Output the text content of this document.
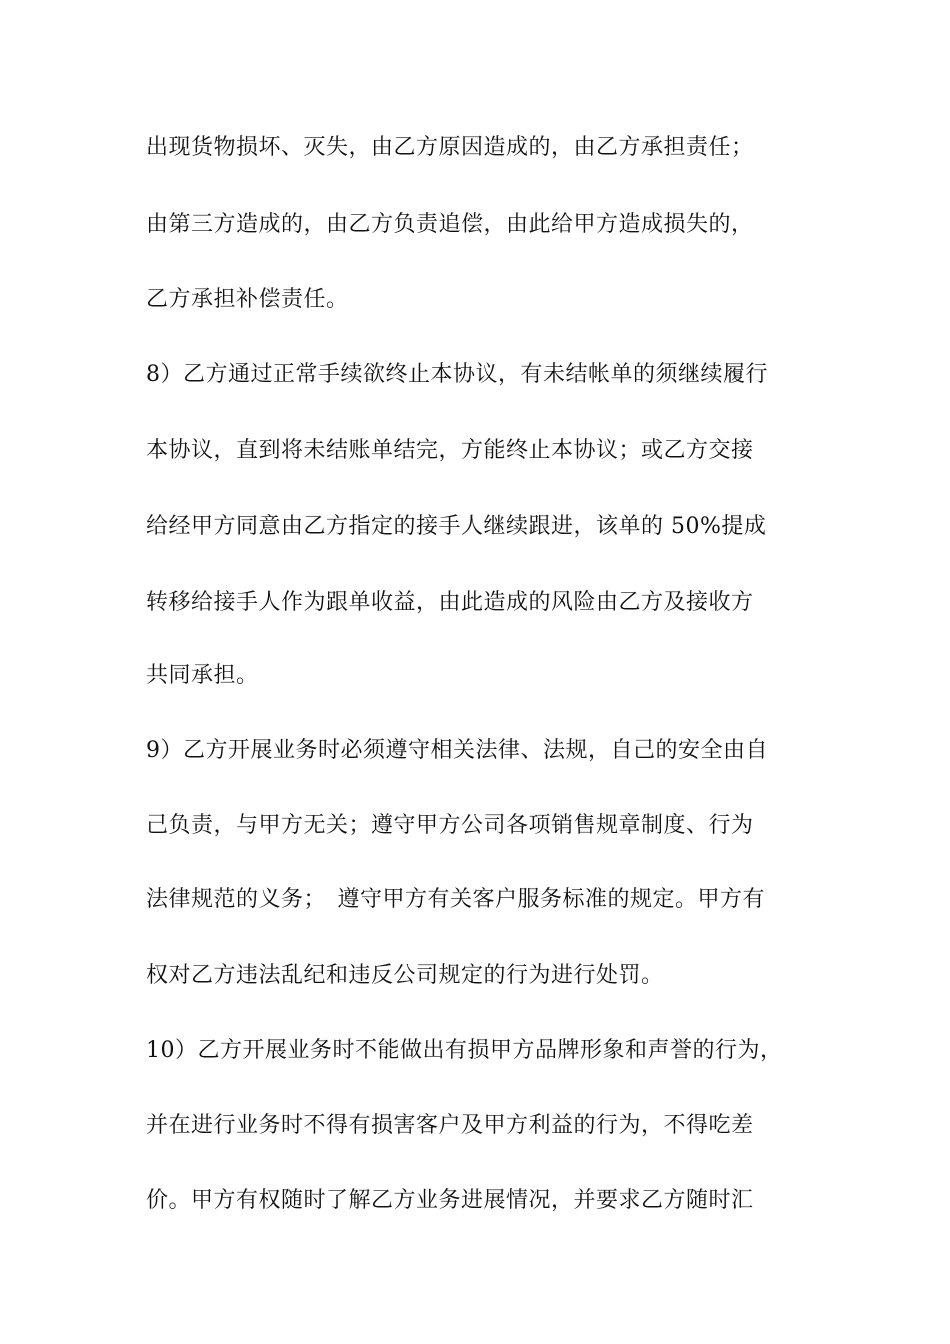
出现货物损坏、灭失，由乙方原因造成的，由乙方承担责任；
由第三方造成的，由乙方负责追偿，由此给甲方造成损失的，
乙方承担补偿责任。
8）乙方通过正常手续欲终止本协议，有未结帐单的须继续履行
本协议，直到将未结账单结完，方能终止本协议；或乙方交接
给经甲方同意由乙方指定的接手人继续跟进，该单的 50%提成
转移给接手人作为跟单收益，由此造成的风险由乙方及接收方
共同承担。
9）乙方开展业务时必须遵守相关法律、法规，自己的安全由自
己负责，与甲方无关；遵守甲方公司各项销售规章制度、行为
法律规范的义务；　遵守甲方有关客户服务标准的规定。甲方有
权对乙方违法乱纪和违反公司规定的行为进行处罚。
10）乙方开展业务时不能做出有损甲方品牌形象和声誉的行为，
并在进行业务时不得有损害客户及甲方利益的行为，不得吃差
价。甲方有权随时了解乙方业务进展情况，并要求乙方随时汇
